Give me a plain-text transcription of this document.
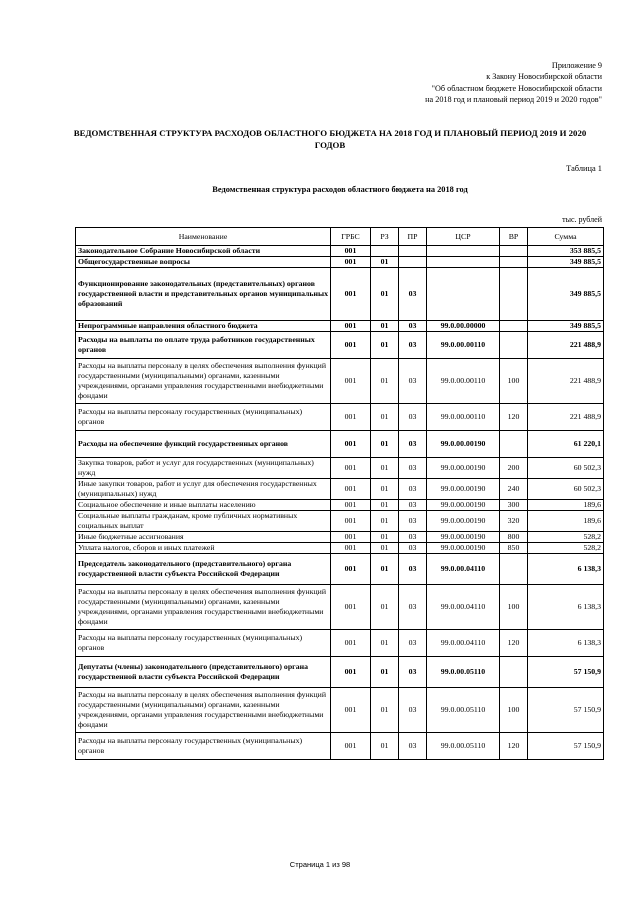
Приложение 9
к Закону Новосибирской области
"Об областном бюджете Новосибирской области
на 2018 год и плановый период 2019 и 2020 годов"
ВЕДОМСТВЕННАЯ СТРУКТУРА РАСХОДОВ ОБЛАСТНОГО БЮДЖЕТА НА 2018 ГОД И ПЛАНОВЫЙ ПЕРИОД 2019 И 2020 ГОДОВ
Таблица 1
Ведомственная структура расходов областного бюджета на 2018 год
тыс. рублей
Наименование	ГРБС	РЗ	ПР	ЦСР	ВР	Сумма
Законодательное Собрание Новосибирской области	001					353 885,5
Общегосударственные вопросы	001	01				349 885,5
Функционирование законодательных (представительных) органов государственной власти и представительных органов муниципальных образований	001	01	03			349 885,5
Непрограммные направления областного бюджета	001	01	03	99.0.00.00000		349 885,5
Расходы на выплаты по оплате труда работников государственных органов	001	01	03	99.0.00.00110		221 488,9
Расходы на выплаты персоналу в целях обеспечения выполнения функций государственными (муниципальными) органами, казенными учреждениями, органами управления государственными внебюджетными фондами	001	01	03	99.0.00.00110	100	221 488,9
Расходы на выплаты персоналу государственных (муниципальных) органов	001	01	03	99.0.00.00110	120	221 488,9
Расходы на обеспечение функций государственных органов	001	01	03	99.0.00.00190		61 220,1
Закупка товаров, работ и услуг для государственных (муниципальных) нужд	001	01	03	99.0.00.00190	200	60 502,3
Иные закупки товаров, работ и услуг для обеспечения государственных (муниципальных) нужд	001	01	03	99.0.00.00190	240	60 502,3
Социальное обеспечение и иные выплаты населению	001	01	03	99.0.00.00190	300	189,6
Социальные выплаты гражданам, кроме публичных нормативных социальных выплат	001	01	03	99.0.00.00190	320	189,6
Иные бюджетные ассигнования	001	01	03	99.0.00.00190	800	528,2
Уплата налогов, сборов и иных платежей	001	01	03	99.0.00.00190	850	528,2
Председатель законодательного (представительного) органа государственной власти субъекта Российской Федерации	001	01	03	99.0.00.04110		6 138,3
Расходы на выплаты персоналу в целях обеспечения выполнения функций государственными (муниципальными) органами, казенными учреждениями, органами управления государственными внебюджетными фондами	001	01	03	99.0.00.04110	100	6 138,3
Расходы на выплаты персоналу государственных (муниципальных) органов	001	01	03	99.0.00.04110	120	6 138,3
Депутаты (члены) законодательного (представительного) органа государственной власти субъекта Российской Федерации	001	01	03	99.0.00.05110		57 150,9
Расходы на выплаты персоналу в целях обеспечения выполнения функций государственными (муниципальными) органами, казенными учреждениями, органами управления государственными внебюджетными фондами	001	01	03	99.0.00.05110	100	57 150,9
Расходы на выплаты персоналу государственных (муниципальных) органов	001	01	03	99.0.00.05110	120	57 150,9
Страница 1 из 98
